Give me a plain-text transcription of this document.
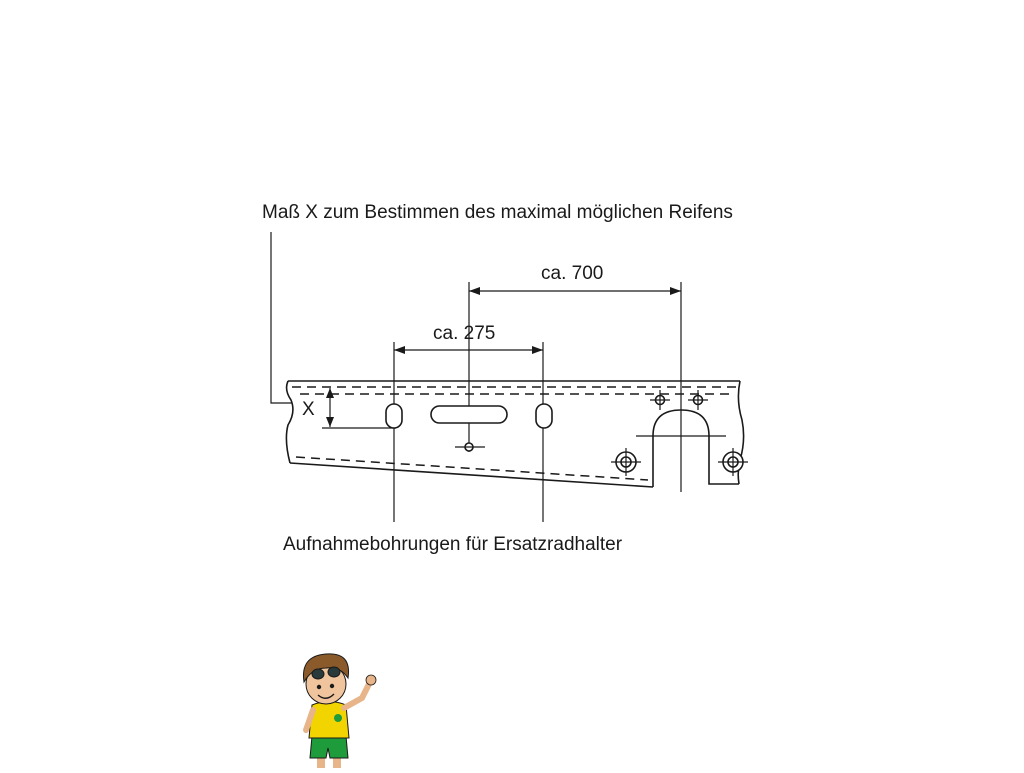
Maß X zum Bestimmen des maximal möglichen Reifens
ca. 700
ca. 275
X
Aufnahmebohrungen für Ersatzradhalter
